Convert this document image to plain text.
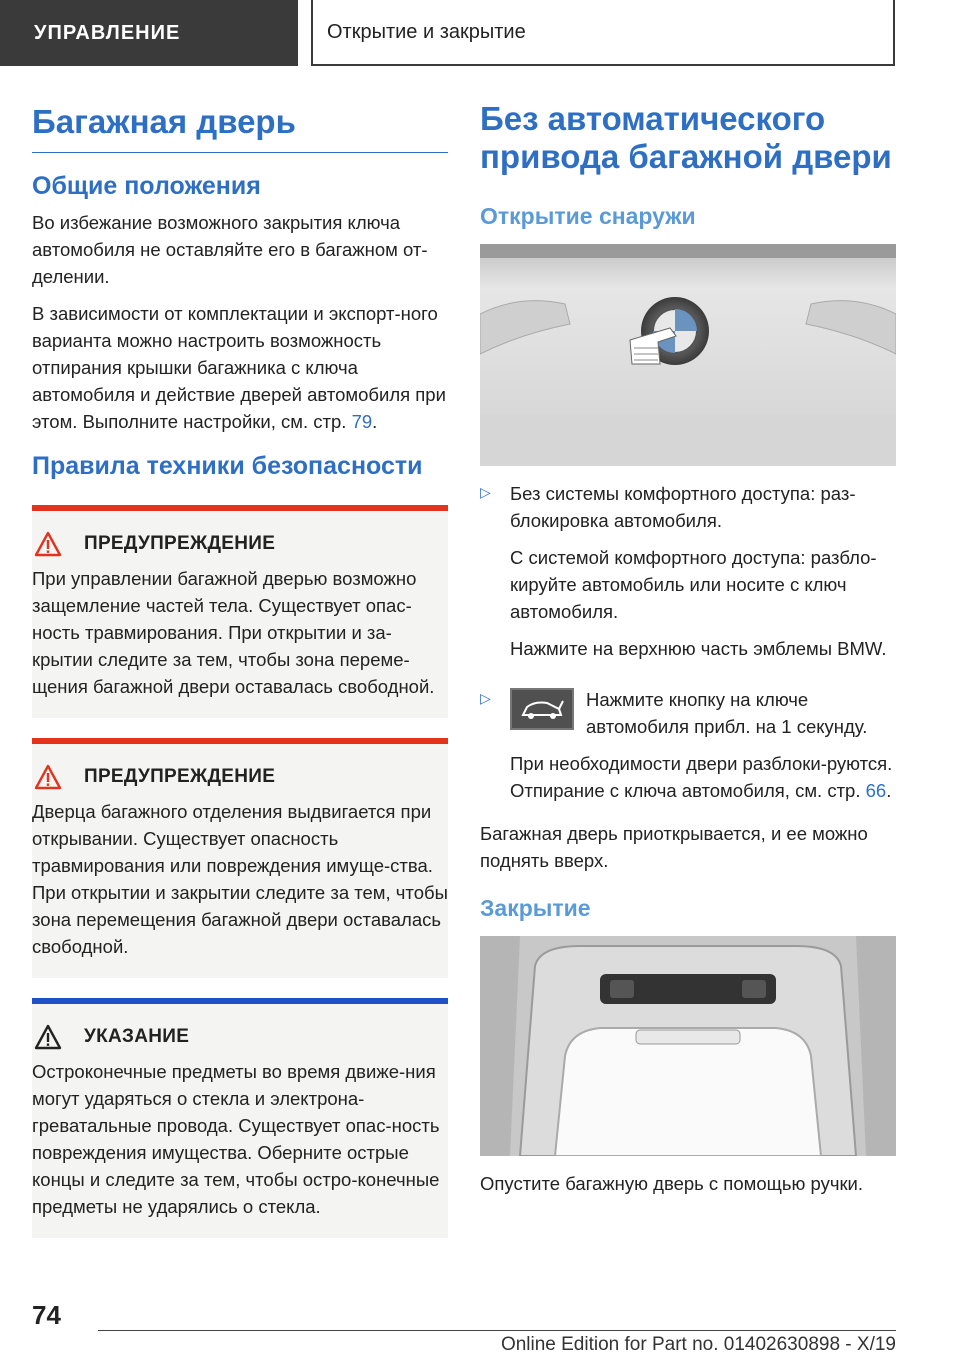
УПРАВЛЕНИЕ	Открытие и закрытие
Багажная дверь
Общие положения

Во избежание возможного закрытия ключа автомобиля не оставляйте его в багажном от-делении.

В зависимости от комплектации и экспорт-ного варианта можно настроить возможность отпирания крышки багажника с ключа автомобиля и действие дверей автомобиля при этом. Выполните настройки, см. стр. 79.

Правила техники безопасности
ПРЕДУПРЕЖДЕНИЕ

При управлении багажной дверью возможно защемление частей тела. Существует опас-ность травмирования. При открытии и за-крытии следите за тем, чтобы зона переме-щения багажной двери оставалась свободной.

ПРЕДУПРЕЖДЕНИЕ

Дверца багажного отделения выдвигается при открывании. Существует опасность травмирования или повреждения имуще-ства. При открытии и закрытии следите за тем, чтобы зона перемещения багажной двери оставалась свободной.

УКАЗАНИЕ

Остроконечные предметы во время движе-ния могут ударяться о стекла и электрона-греватальные провода. Существует опас-ность повреждения имущества. Оберните острые концы и следите за тем, чтобы остро-конечные предметы не ударялись о стекла.

Без автоматического привода багажной двери
Открытие снаружи
▷	Без системы комфортного доступа: раз-блокировка автомобиля.

С системой комфортного доступа: разбло-кируйте автомобиль или носите с ключ автомобиля.

Нажмите на верхнюю часть эмблемы BMW.

▷	Нажмите кнопку на ключе автомобиля прибл. на 1 секунду.

При необходимости двери разблоки-руются. Отпирание с ключа автомобиля, см. стр. 66.

Багажная дверь приоткрывается, и ее можно поднять вверх.

Закрытие

Опустите багажную дверь с помощью ручки.

74
Online Edition for Part no. 01402630898 - X/19
